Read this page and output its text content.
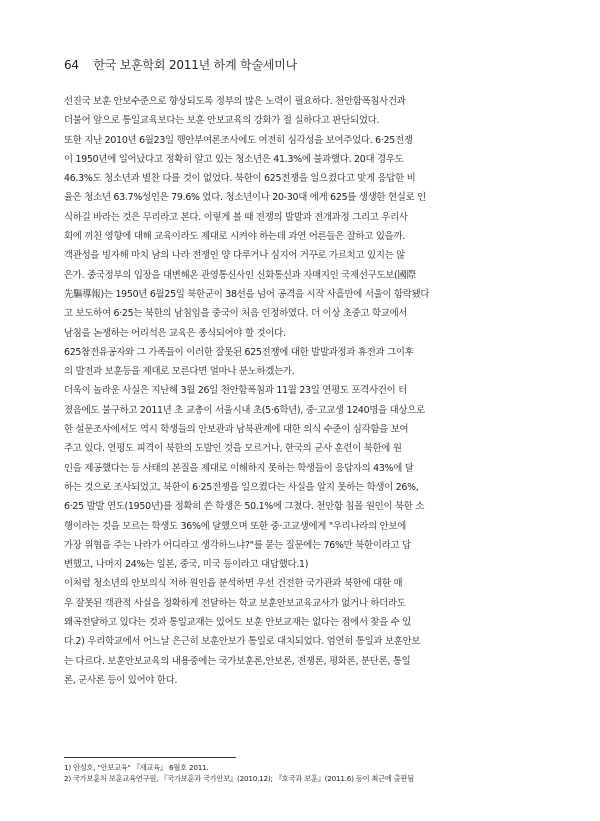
64 한국 보훈학회 2011년 하계 학술세미나
선진국 보훈 안보수준으로 향상되도록 정부의 많은 노력이 필요하다. 천안함폭침사건과
더불어 앞으로 통일교육보다는 보훈 안보교육의 강화가 절 실하다고 판단되었다.
또한 지난 2010년 6월23일 행안부여론조사에도 여전히 심각성을 보여주었다. 6·25전쟁
이 1950년에 일어났다고 정확히 알고 있는 청소년은 41.3%에 불과했다. 20대 경우도
46.3%도 청소년과 별찬 다를 것이 없었다. 북한이 625전쟁을 일으켰다고 맞게 응답한 비
율은 청소년 63.7%성인은 79.6% 었다. 청소년이나 20-30대 에게 625를 생생한 현실로 인
식하길 바라는 것은 무리라고 본다. 이렇게 볼 때 전쟁의 발발과 전개과정 그리고 우리사
회에 끼친 영향에 대해 교육이라도 제대로 시켜야 하는데 과연 어른들은 잘하고 있을까.
객관성을 빙자해 마치 남의 나라 전쟁인 양 다루거나 심지어 거꾸로 가르치고 있지는 않
은가. 중국정부의 입장을 대변해온 관영통신사인 신화통신과 자매지인 국제선구도보(國際
先驅導報)는 1950년 6월25일 북한군이 38선을 넘어 공격을 시작 사흘만에 서울이 함락됐다
고 보도하여 6·25는 북한의 남침임을 중국이 처음 인정하였다. 더 이상 초중고 학교에서
남침을 논쟁하는 어리석은 교육은 종식되어야 할 것이다.
625참전유공자와 그 가족들이 이러한 잘못된 625전쟁에 대한 발발과정과 휴전과 그이후
의 발전과 보훈등을 제대로 모른다면 얼마나 분노하겠는가.
더욱이 놀라운 사실은 지난해 3월 26일 천안함폭침과 11월 23일 연평도 포격사건이 터
졌음에도 불구하고 2011년 초 교총이 서울시내 초(5·6학년), 중·고교생 1240명을 대상으로
한 설문조사에서도 역시 학생들의 안보관과 남북관계에 대한 의식 수준이 심각함을 보여
주고 있다. 연평도 피격이 북한의 도발인 것을 모르거나, 한국의 군사 훈련이 북한에 원
인을 제공했다는 등 사태의 본질을 제대로 이해하지 못하는 학생들이 응답자의 43%에 달
하는 것으로 조사되었고, 북한이 6·25전쟁을 일으켰다는 사실을 알지 못하는 학생이 26%,
6·25 발발 연도(1950년)를 정확히 쓴 학생은 50.1%에 그쳤다. 천안함 침몰 원인이 북한 소
행이라는 것을 모르는 학생도 36%에 달했으며 또한 중·고교생에게 "우리나라의 안보에
가장 위협을 주는 나라가 어디라고 생각하느냐?"를 묻는 질문에는 76%만 북한이라고 답
변했고, 나머지 24%는 일본, 중국, 미국 등이라고 대답했다.1)
이처럼 청소년의 안보의식 저하 원인을 분석하면 우선 건전한 국가관과 북한에 대한 매
우 잘못된 객관적 사실을 정확하게 전달하는 학교 보훈안보교육교사가 없거나 하더라도
왜곡전달하고 있다는 것과 통일교재는 있어도 보훈 안보교재는 없다는 점에서 찾을 수 있
다.2) 우리학교에서 어느날 은근히 보훈안보가 통일로 대치되었다. 엄연히 통일과 보훈안보
는 다르다. 보훈안보교육의 내용중에는 국가보훈론,안보론, 전쟁론, 평화론, 분단론, 통일
론, 군사론 등이 있어야 한다.
1) 안성호, "안보교육" 『새교육』 6월호 2011.
2) 국가보훈처 보훈교육연구원, 『국가보훈과 국가안보』(2010.12); 『호국과 보훈』(2011.6) 등이 최근에 출판됨
